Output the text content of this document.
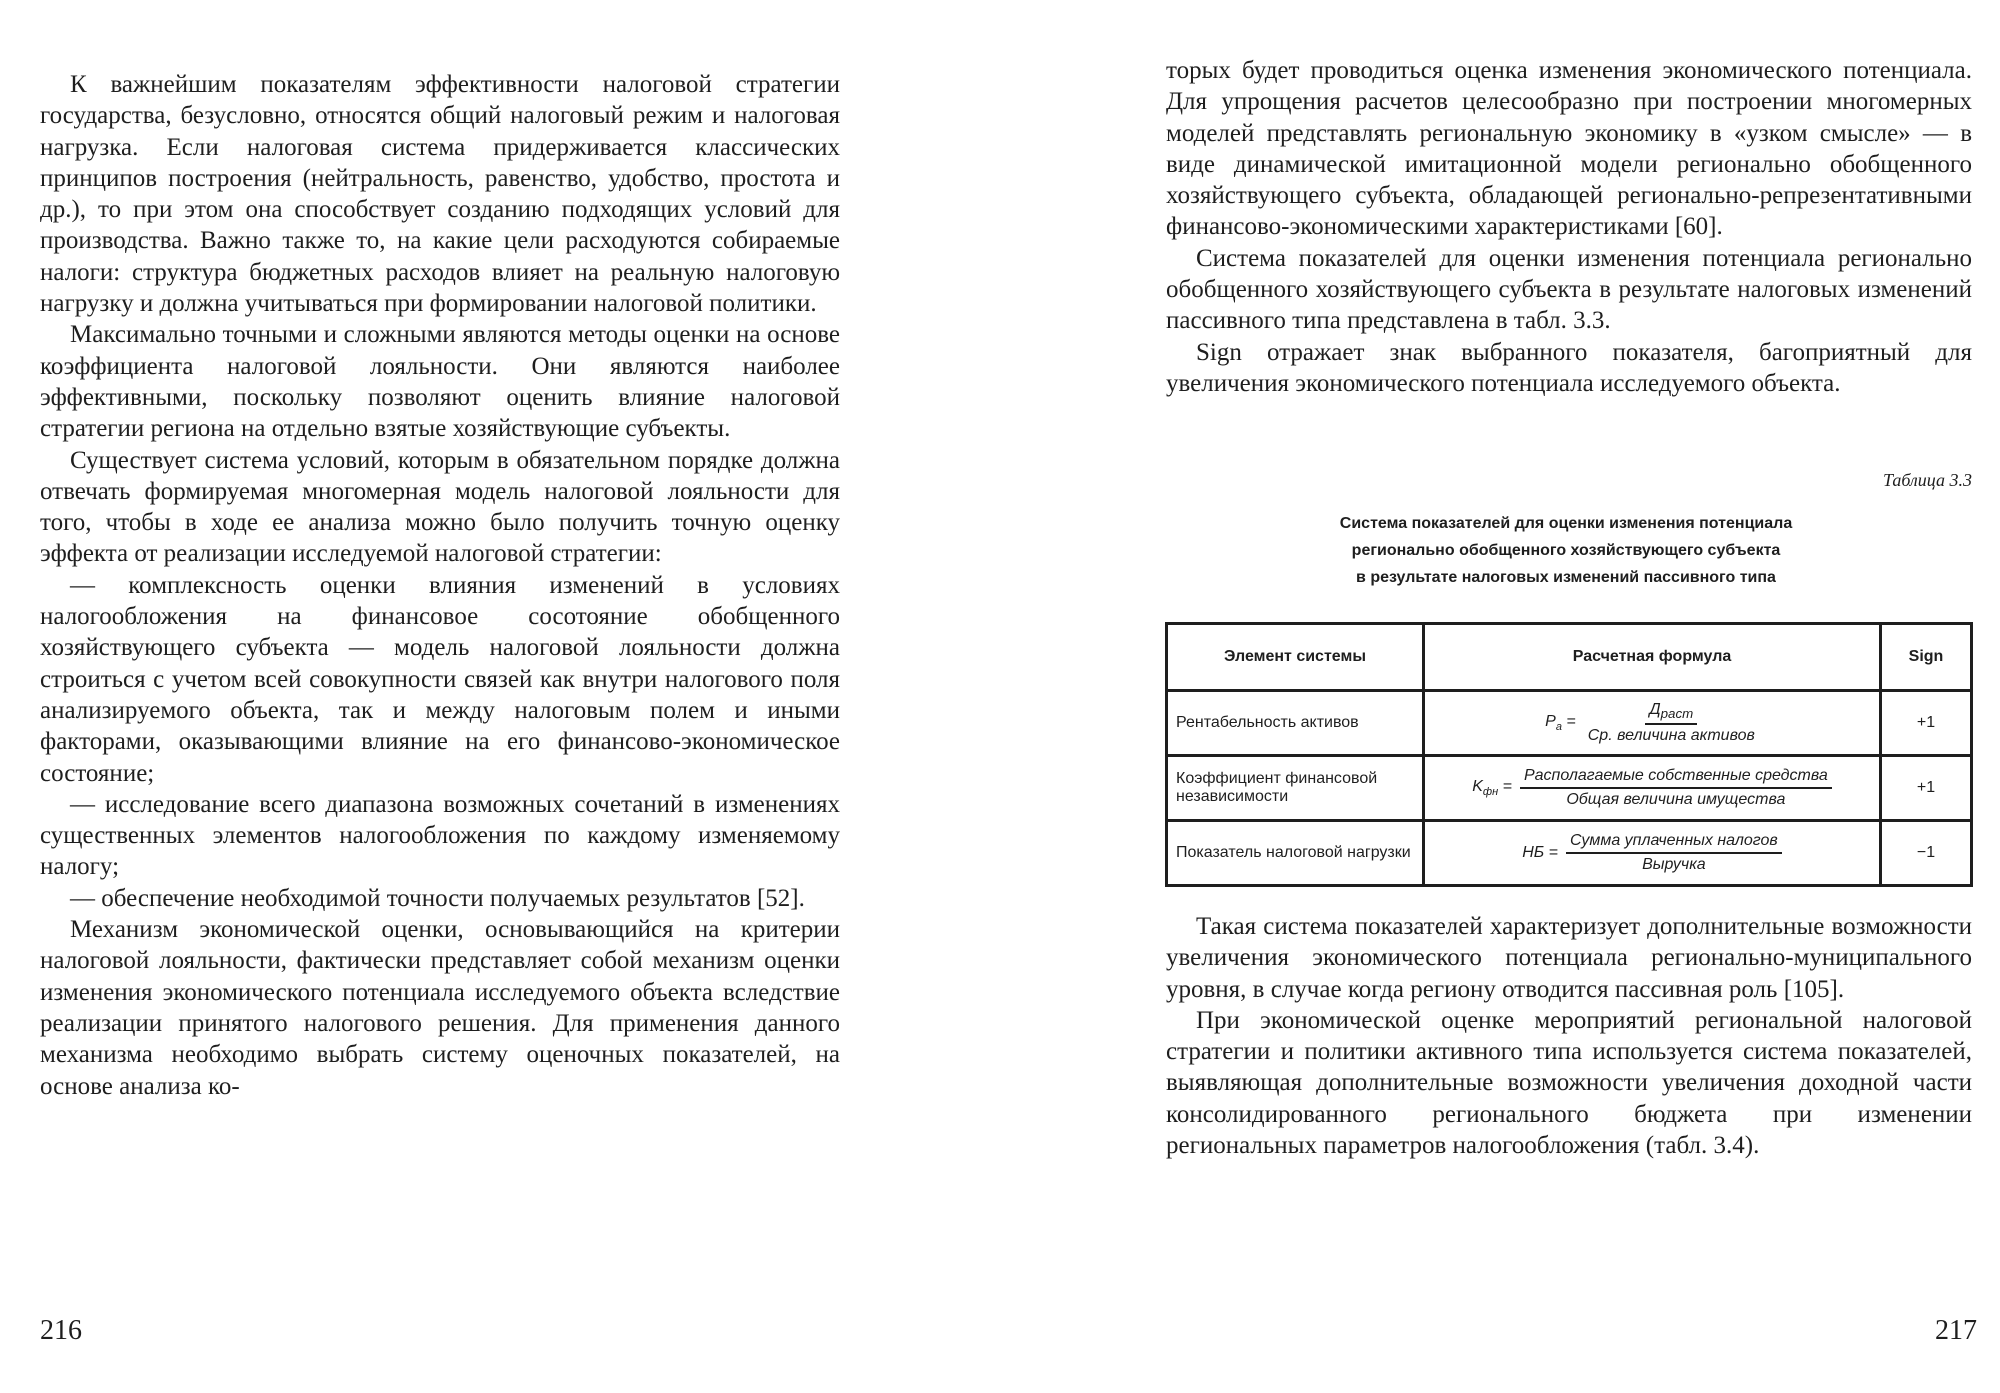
К важнейшим показателям эффективности налоговой стратегии государства, безусловно, относятся общий налоговый режим и налоговая нагрузка. Если налоговая система придерживается классических принципов построения (нейтральность, равенство, удобство, простота и др.), то при этом она способствует созданию подходящих условий для производства. Важно также то, на какие цели расходуются собираемые налоги: структура бюджетных расходов влияет на реальную налоговую нагрузку и должна учитываться при формировании налоговой политики.

Максимально точными и сложными являются методы оценки на основе коэффициента налоговой лояльности. Они являются наиболее эффективными, поскольку позволяют оценить влияние налоговой стратегии региона на отдельно взятые хозяйствующие субъекты.

Существует система условий, которым в обязательном порядке должна отвечать формируемая многомерная модель налоговой лояльности для того, чтобы в ходе ее анализа можно было получить точную оценку эффекта от реализации исследуемой налоговой стратегии:

— комплексность оценки влияния изменений в условиях налогообложения на финансовое сосотояние обобщенного хозяйствующего субъекта — модель налоговой лояльности должна строиться с учетом всей совокупности связей как внутри налогового поля анализируемого объекта, так и между налоговым полем и иными факторами, оказывающими влияние на его финансово-экономическое состояние;

— исследование всего диапазона возможных сочетаний в изменениях существенных элементов налогообложения по каждому изменяемому налогу;

— обеспечение необходимой точности получаемых результатов [52].

Механизм экономической оценки, основывающийся на критерии налоговой лояльности, фактически представляет собой механизм оценки изменения экономического потенциала исследуемого объекта вследствие реализации принятого налогового решения. Для применения данного механизма необходимо выбрать систему оценочных показателей, на основе анализа ко-

216

торых будет проводиться оценка изменения экономического потенциала. Для упрощения расчетов целесообразно при построении многомерных моделей представлять региональную экономику в «узком смысле» — в виде динамической имитационной модели регионально обобщенного хозяйствующего субъекта, обладающей регионально-репрезентативными финансово-экономическими характеристиками [60].

Система показателей для оценки изменения потенциала регионально обобщенного хозяйствующего субъекта в результате налоговых изменений пассивного типа представлена в табл. 3.3.

Sign отражает знак выбранного показателя, багоприятный для увеличения экономического потенциала исследуемого объекта.

Таблица 3.3
Система показателей для оценки изменения потенциала
регионально обобщенного хозяйствующего субъекта
в результате налоговых изменений пассивного типа
Элемент системы	Расчетная формула	Sign
Рентабельность активов	$P_a = \frac{Д_{раст}}{\text{Ср. величина активов}}$	+1
Коэффициент финансовой независимости	$K_{фн} = \frac{\text{Располагаемые собственные средства}}{\text{Общая величина имущества}}$	+1
Показатель налоговой нагрузки	НБ = $\frac{\text{Сумма уплаченных налогов}}{\text{Выручка}}$	−1

Такая система показателей характеризует дополнительные возможности увеличения экономического потенциала регионально-муниципального уровня, в случае когда региону отводится пассивная роль [105].

При экономической оценке мероприятий региональной налоговой стратегии и политики активного типа используется система показателей, выявляющая дополнительные возможности увеличения доходной части консолидированного регионального бюджета при изменении региональных параметров налогообложения (табл. 3.4).

217
